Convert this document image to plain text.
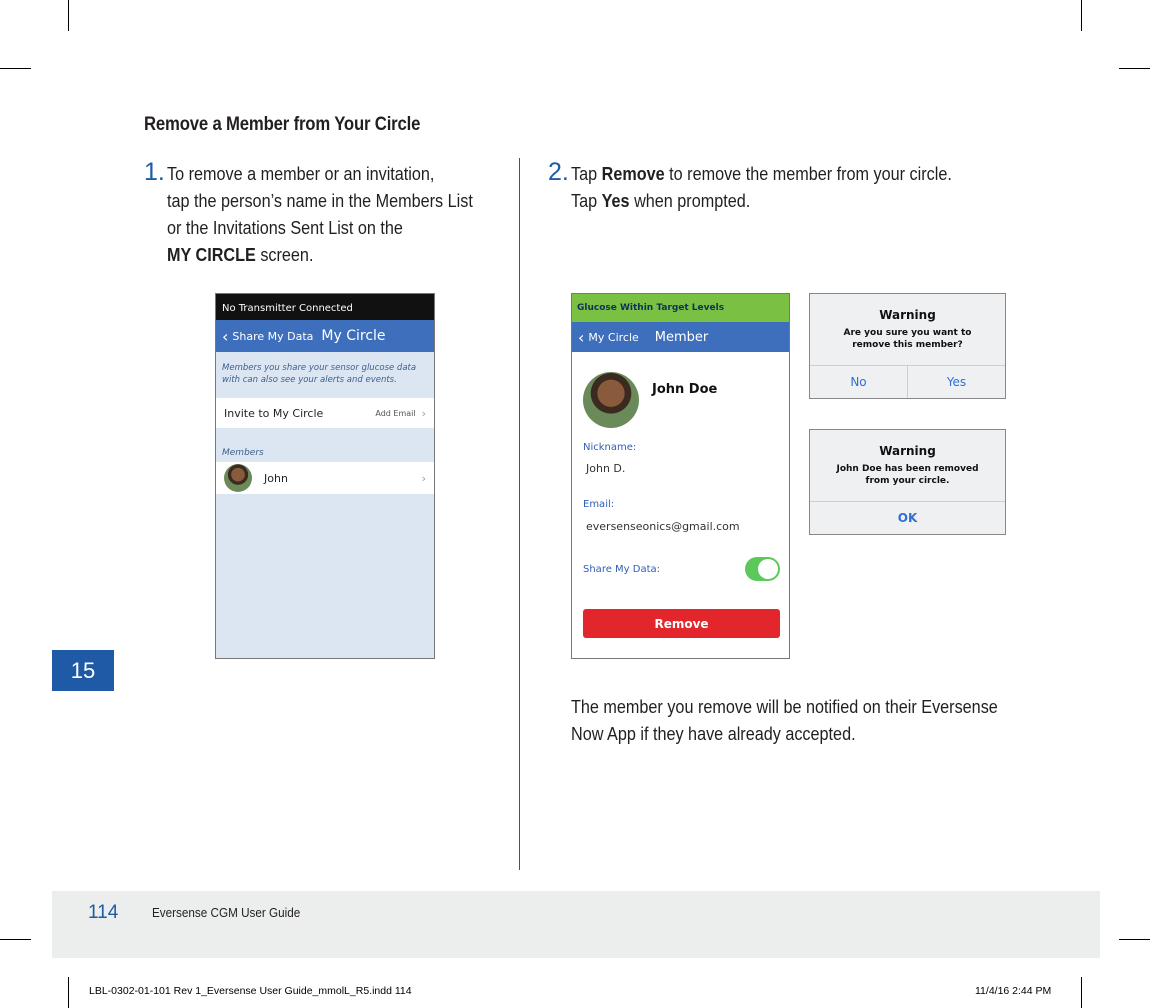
Remove a Member from Your Circle
1. To remove a member or an invitation,
tap the person’s name in the Members List
or the Invitations Sent List on the
MY CIRCLE screen.
2. Tap Remove to remove the member from your circle.
Tap Yes when prompted.
No Transmitter Connected
‹ Share My Data My Circle
Members you share your sensor glucose data with can also see your alerts and events.
Invite to My Circle	Add Email ›
Members
John	›
Glucose Within Target Levels
‹ My Circle Member
John Doe
Nickname:
John D.
Email:
eversenseonics@gmail.com
Share My Data:
Remove
Warning
Are you sure you want to remove this member?
No	Yes
Warning
John Doe has been removed from your circle.
OK
The member you remove will be notified on their Eversense
Now App if they have already accepted.
15
114	Eversense CGM User Guide
LBL-0302-01-101 Rev 1_Eversense User Guide_mmolL_R5.indd 114	11/4/16 2:44 PM
